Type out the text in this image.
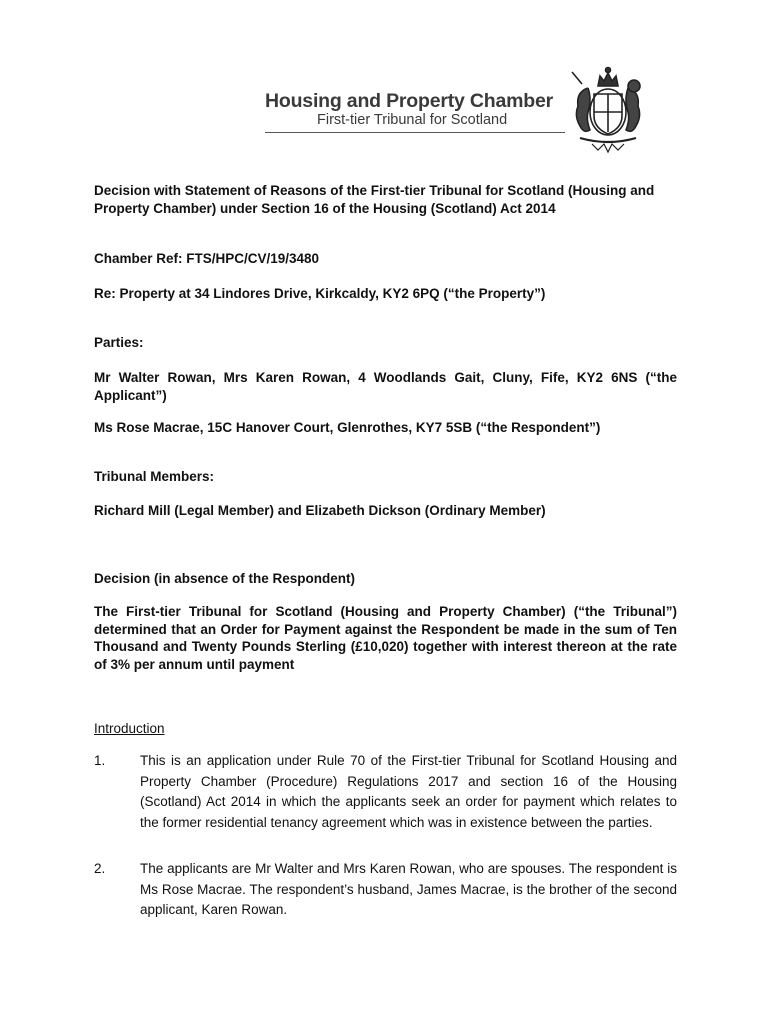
Housing and Property Chamber
First-tier Tribunal for Scotland

Decision with Statement of Reasons of the First-tier Tribunal for Scotland (Housing and Property Chamber) under Section 16 of the Housing (Scotland) Act 2014

Chamber Ref: FTS/HPC/CV/19/3480

Re: Property at 34 Lindores Drive, Kirkcaldy, KY2 6PQ (“the Property”)

Parties:

Mr Walter Rowan, Mrs Karen Rowan, 4 Woodlands Gait, Cluny, Fife, KY2 6NS (“the Applicant”)

Ms Rose Macrae, 15C Hanover Court, Glenrothes, KY7 5SB (“the Respondent”)

Tribunal Members:

Richard Mill (Legal Member) and Elizabeth Dickson (Ordinary Member)

Decision (in absence of the Respondent)

The First-tier Tribunal for Scotland (Housing and Property Chamber) (“the Tribunal”) determined that an Order for Payment against the Respondent be made in the sum of Ten Thousand and Twenty Pounds Sterling (£10,020) together with interest thereon at the rate of 3% per annum until payment

Introduction

1.	This is an application under Rule 70 of the First-tier Tribunal for Scotland Housing and Property Chamber (Procedure) Regulations 2017 and section 16 of the Housing (Scotland) Act 2014 in which the applicants seek an order for payment which relates to the former residential tenancy agreement which was in existence between the parties.

2.	The applicants are Mr Walter and Mrs Karen Rowan, who are spouses. The respondent is Ms Rose Macrae. The respondent’s husband, James Macrae, is the brother of the second applicant, Karen Rowan.
